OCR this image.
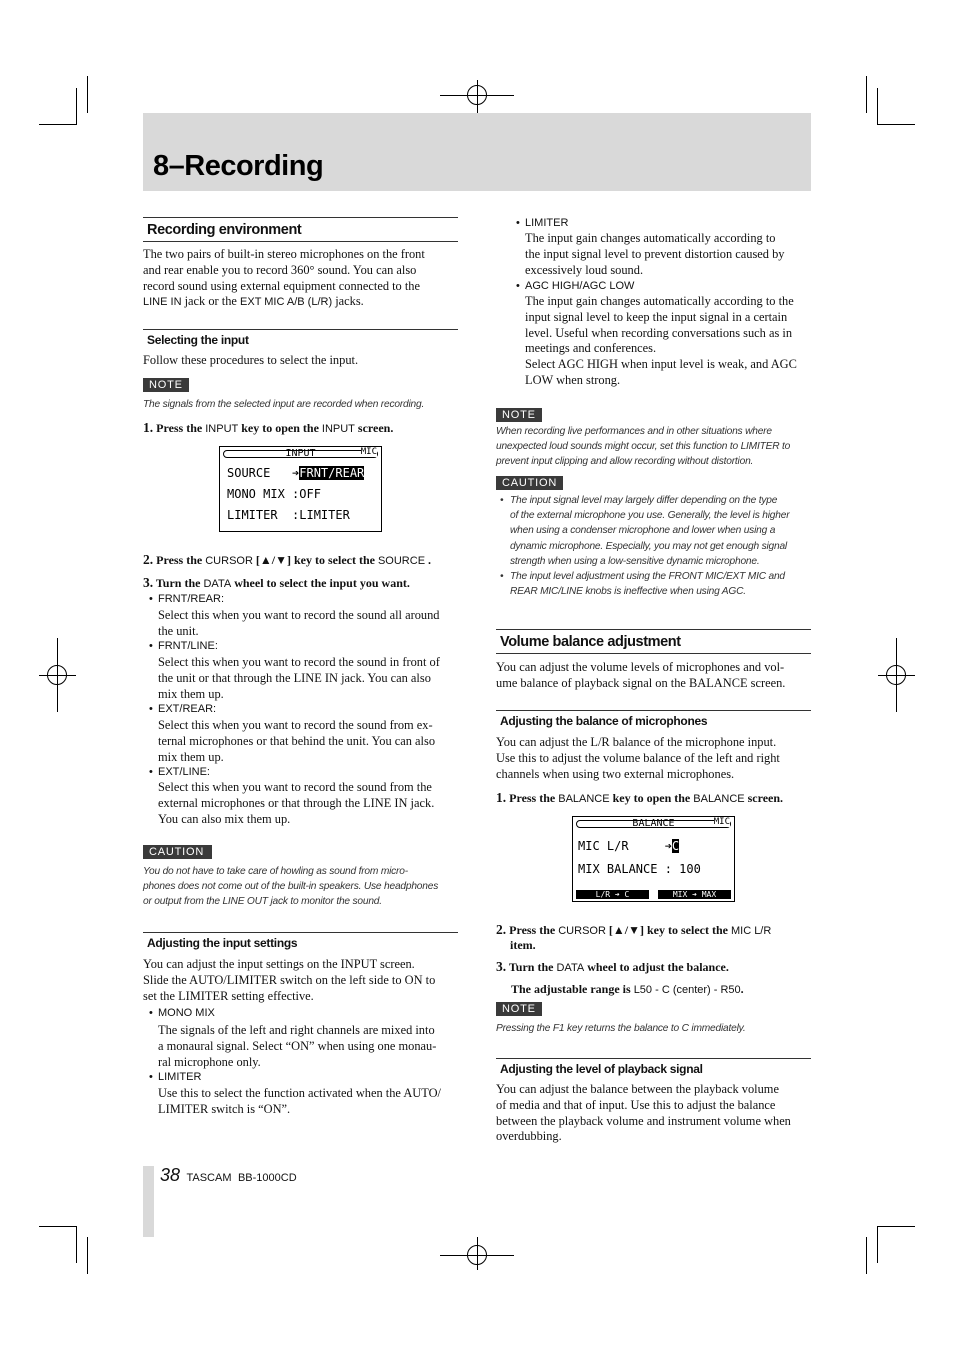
8–Recording
Recording environment
The two pairs of built-in stereo microphones on the front
and rear enable you to record 360° sound. You can also
record sound using external equipment connected to the
LINE IN jack or the EXT MIC A/B (L/R) jacks.
Selecting the input
Follow these procedures to select the input.
NOTE
The signals from the selected input are recorded when recording.
1. Press the INPUT key to open the INPUT screen.
INPUT	MIC
SOURCE   ➔FRNT/REAR
MONO MIX :OFF
LIMITER  :LIMITER
2. Press the CURSOR [▲/▼] key to select the SOURCE .
3. Turn the DATA wheel to select the input you want.
• FRNT/REAR:
Select this when you want to record the sound all around
the unit.
• FRNT/LINE:
Select this when you want to record the sound in front of
the unit or that through the LINE IN jack. You can also
mix them up.
• EXT/REAR:
Select this when you want to record the sound from ex-
ternal microphones or that behind the unit. You can also
mix them up.
• EXT/LINE:
Select this when you want to record the sound from the
external microphones or that through the LINE IN jack.
You can also mix them up.
CAUTION
You do not have to take care of howling as sound from micro-
phones does not come out of the built-in speakers. Use headphones
or output from the LINE OUT jack to monitor the sound.
Adjusting the input settings
You can adjust the input settings on the INPUT screen.
Slide the AUTO/LIMITER switch on the left side to ON to
set the LIMITER setting effective.
• MONO MIX
The signals of the left and right channels are mixed into
a monaural signal. Select “ON” when using one monau-
ral microphone only.
• LIMITER
Use this to select the function activated when the AUTO/
LIMITER switch is “ON”.
• LIMITER
The input gain changes automatically according to
the input signal level to prevent distortion caused by
excessively loud sound.
• AGC HIGH/AGC LOW
The input gain changes automatically according to the
input signal level to keep the input signal in a certain
level. Useful when recording conversations such as in
meetings and conferences.
Select AGC HIGH when input level is weak, and AGC
LOW when strong.
NOTE
When recording live performances and in other situations where
unexpected loud sounds might occur, set this function to LIMITER to
prevent input clipping and allow recording without distortion.
CAUTION
The input signal level may largely differ depending on the type
of the external microphone you use. Generally, the level is higher
when using a condenser microphone and lower when using a
dynamic microphone. Especially, you may not get enough signal
strength when using a low-sensitive dynamic microphone.
•
The input level adjustment using the FRONT MIC/EXT MIC and
REAR MIC/LINE knobs is ineffective when using AGC.
•
Volume balance adjustment
You can adjust the volume levels of microphones and vol-
ume balance of playback signal on the BALANCE screen.
Adjusting the balance of microphones
You can adjust the L/R balance of the microphone input.
Use this to adjust the volume balance of the left and right
channels when using two external microphones.
1. Press the BALANCE key to open the BALANCE screen.
BALANCE	MIC
MIC L/R     ➔C
MIX BALANCE : 100
L/R ➔ C	MIX ➔ MAX
2. Press the CURSOR [▲/▼] key to select the MIC L/R
item.
3. Turn the DATA wheel to adjust the balance.
The adjustable range is L50 - C (center) - R50.
NOTE
Pressing the F1 key returns the balance to C immediately.
Adjusting the level of playback signal
You can adjust the balance between the playback volume
of media and that of input. Use this to adjust the balance
between the playback volume and instrument volume when
overdubbing.
38 TASCAM BB-1000CD
